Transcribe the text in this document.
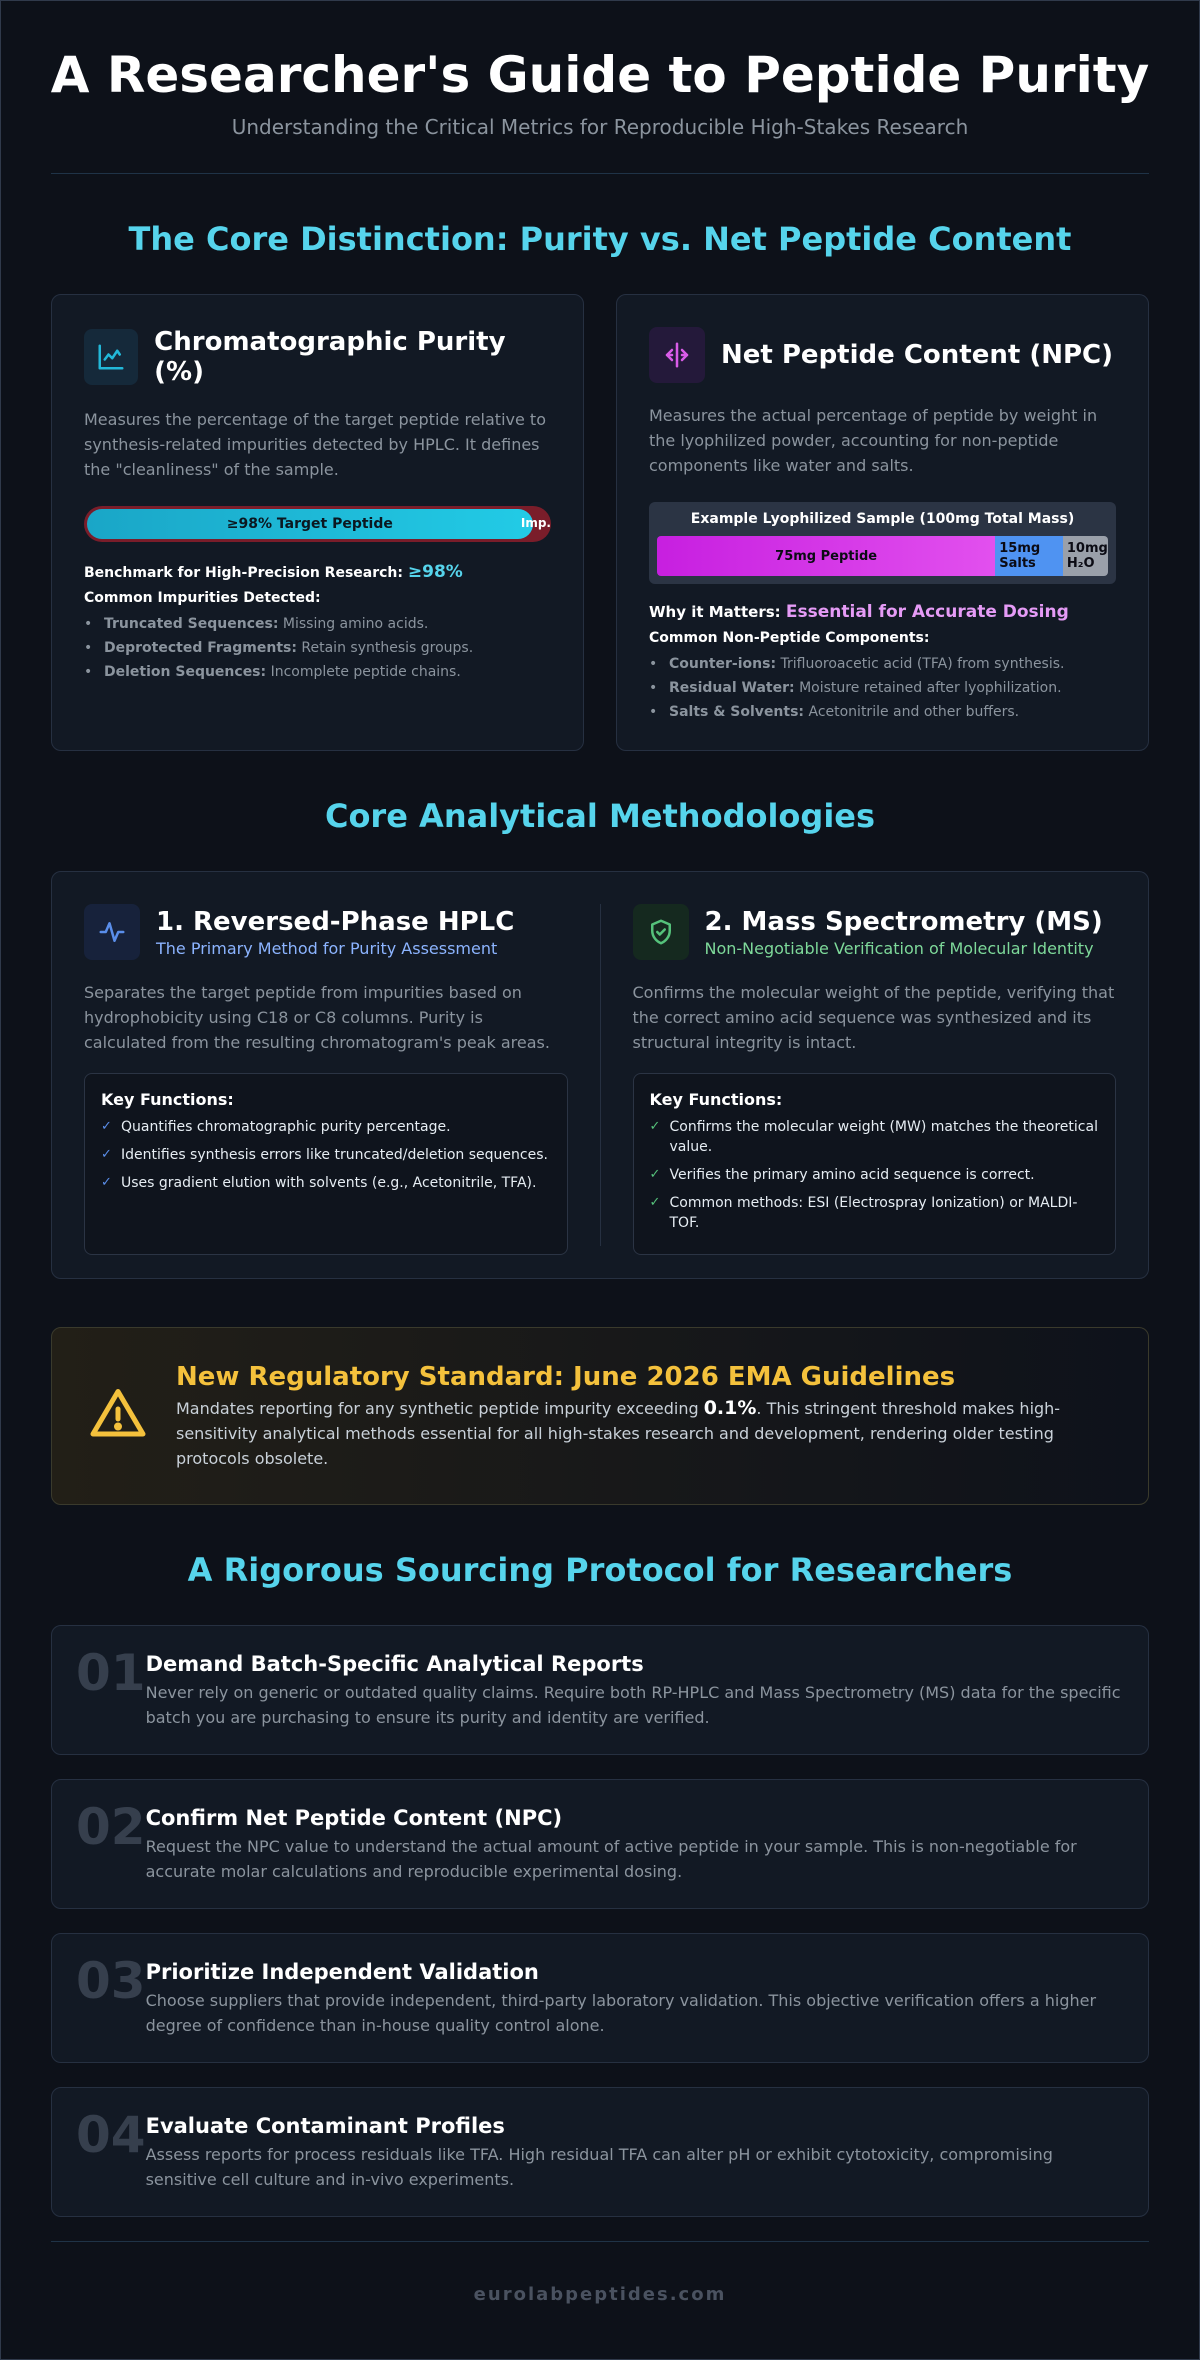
A Researcher's Guide to Peptide Purity
Understanding the Critical Metrics for Reproducible High-Stakes Research
The Core Distinction: Purity vs. Net Peptide Content
Chromatographic Purity (%)
Measures the percentage of the target peptide relative to synthesis-related impurities detected by HPLC. It defines the "cleanliness" of the sample.
≥98% Target Peptide	Imp.
Benchmark for High-Precision Research: ≥98%
Common Impurities Detected:
• Truncated Sequences: Missing amino acids.
• Deprotected Fragments: Retain synthesis groups.
• Deletion Sequences: Incomplete peptide chains.
Net Peptide Content (NPC)
Measures the actual percentage of peptide by weight in the lyophilized powder, accounting for non-peptide components like water and salts.
Example Lyophilized Sample (100mg Total Mass)
75mg Peptide	15mg Salts
10mg H₂O
Why it Matters: Essential for Accurate Dosing
Common Non-Peptide Components:
• Counter-ions: Trifluoroacetic acid (TFA) from synthesis.
• Residual Water: Moisture retained after lyophilization.
• Salts & Solvents: Acetonitrile and other buffers.
Core Analytical Methodologies
1. Reversed-Phase HPLC
The Primary Method for Purity Assessment
Separates the target peptide from impurities based on hydrophobicity using C18 or C8 columns. Purity is calculated from the resulting chromatogram's peak areas.
Key Functions:
✓ Quantifies chromatographic purity percentage.
✓ Identifies synthesis errors like truncated/deletion sequences.
✓ Uses gradient elution with solvents (e.g., Acetonitrile, TFA).
2. Mass Spectrometry (MS)
Non-Negotiable Verification of Molecular Identity
Confirms the molecular weight of the peptide, verifying that the correct amino acid sequence was synthesized and its structural integrity is intact.
Key Functions:
✓ Confirms the molecular weight (MW) matches the theoretical value.
✓ Verifies the primary amino acid sequence is correct.
✓ Common methods: ESI (Electrospray Ionization) or MALDI-TOF.
New Regulatory Standard: June 2026 EMA Guidelines
Mandates reporting for any synthetic peptide impurity exceeding 0.1%. This stringent threshold makes high-sensitivity analytical methods essential for all high-stakes research and development, rendering older testing protocols obsolete.
A Rigorous Sourcing Protocol for Researchers
01 Demand Batch-Specific Analytical Reports
Never rely on generic or outdated quality claims. Require both RP-HPLC and Mass Spectrometry (MS) data for the specific batch you are purchasing to ensure its purity and identity are verified.
02 Confirm Net Peptide Content (NPC)
Request the NPC value to understand the actual amount of active peptide in your sample. This is non-negotiable for accurate molar calculations and reproducible experimental dosing.
03 Prioritize Independent Validation
Choose suppliers that provide independent, third-party laboratory validation. This objective verification offers a higher degree of confidence than in-house quality control alone.
04 Evaluate Contaminant Profiles
Assess reports for process residuals like TFA. High residual TFA can alter pH or exhibit cytotoxicity, compromising sensitive cell culture and in-vivo experiments.
eurolabpeptides.com
